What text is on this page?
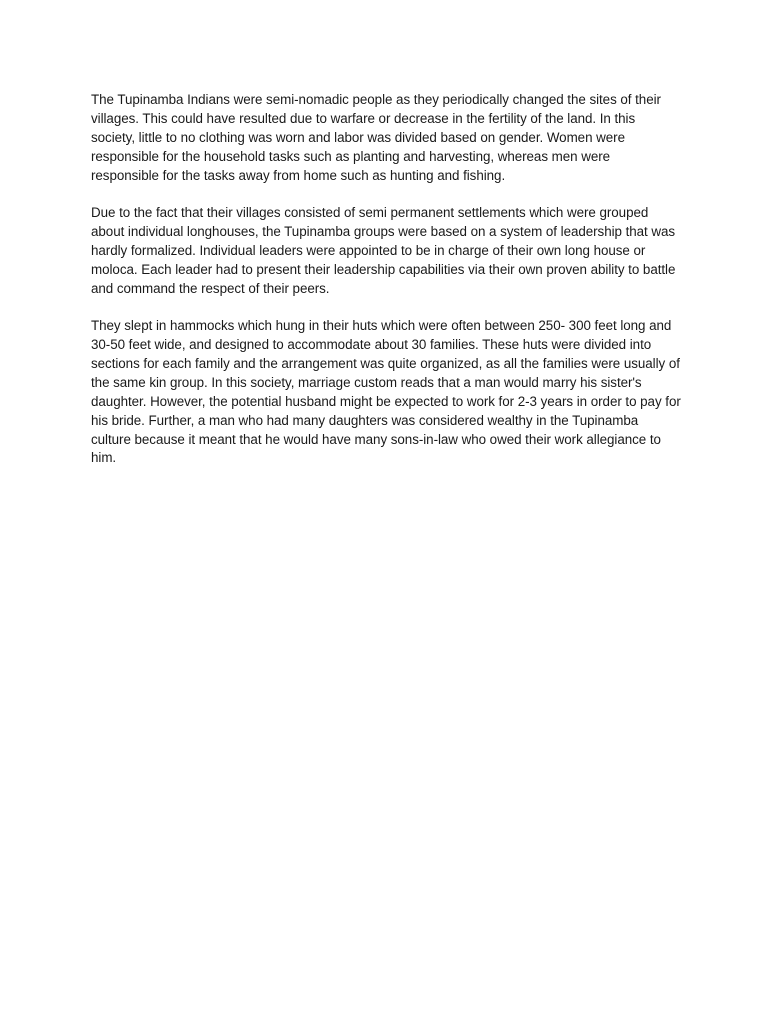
The Tupinamba Indians were semi-nomadic people as they periodically changed the sites of their villages. This could have resulted due to warfare or decrease in the fertility of the land. In this society, little to no clothing was worn and labor was divided based on gender. Women were responsible for the household tasks such as planting and harvesting, whereas men were responsible for the tasks away from home such as hunting and fishing.

Due to the fact that their villages consisted of semi permanent settlements which were grouped about individual longhouses, the Tupinamba groups were based on a system of leadership that was hardly formalized. Individual leaders were appointed to be in charge of their own long house or moloca. Each leader had to present their leadership capabilities via their own proven ability to battle and command the respect of their peers.

They slept in hammocks which hung in their huts which were often between 250- 300 feet long and 30-50 feet wide, and designed to accommodate about 30 families. These huts were divided into sections for each family and the arrangement was quite organized, as all the families were usually of the same kin group. In this society, marriage custom reads that a man would marry his sister's daughter. However, the potential husband might be expected to work for 2-3 years in order to pay for his bride. Further, a man who had many daughters was considered wealthy in the Tupinamba culture because it meant that he would have many sons-in-law who owed their work allegiance to him.
